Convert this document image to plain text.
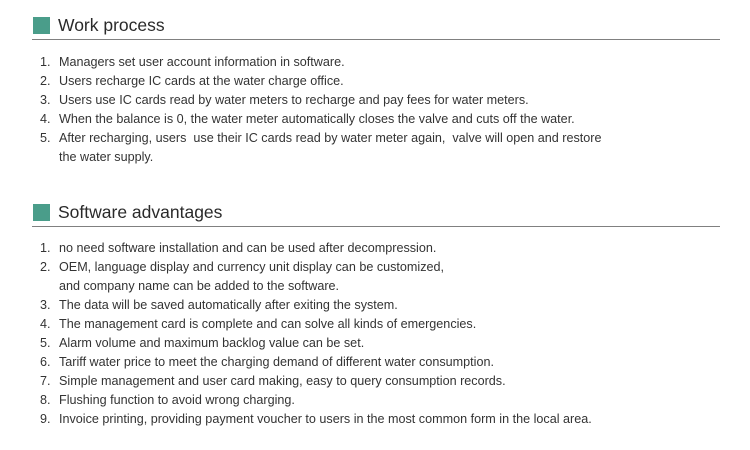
Work process
1. Managers set user account information in software.
2. Users recharge IC cards at the water charge office.
3. Users use IC cards read by water meters to recharge and pay fees for water meters.
4. When the balance is 0, the water meter automatically closes the valve and cuts off the water.
5. After recharging, users  use their IC cards read by water meter again,  valve will open and restore
the water supply.
Software advantages
1. no need software installation and can be used after decompression.
2. OEM, language display and currency unit display can be customized,
and company name can be added to the software.
3. The data will be saved automatically after exiting the system.
4. The management card is complete and can solve all kinds of emergencies.
5. Alarm volume and maximum backlog value can be set.
6. Tariff water price to meet the charging demand of different water consumption.
7. Simple management and user card making, easy to query consumption records.
8. Flushing function to avoid wrong charging.
9. Invoice printing, providing payment voucher to users in the most common form in the local area.
